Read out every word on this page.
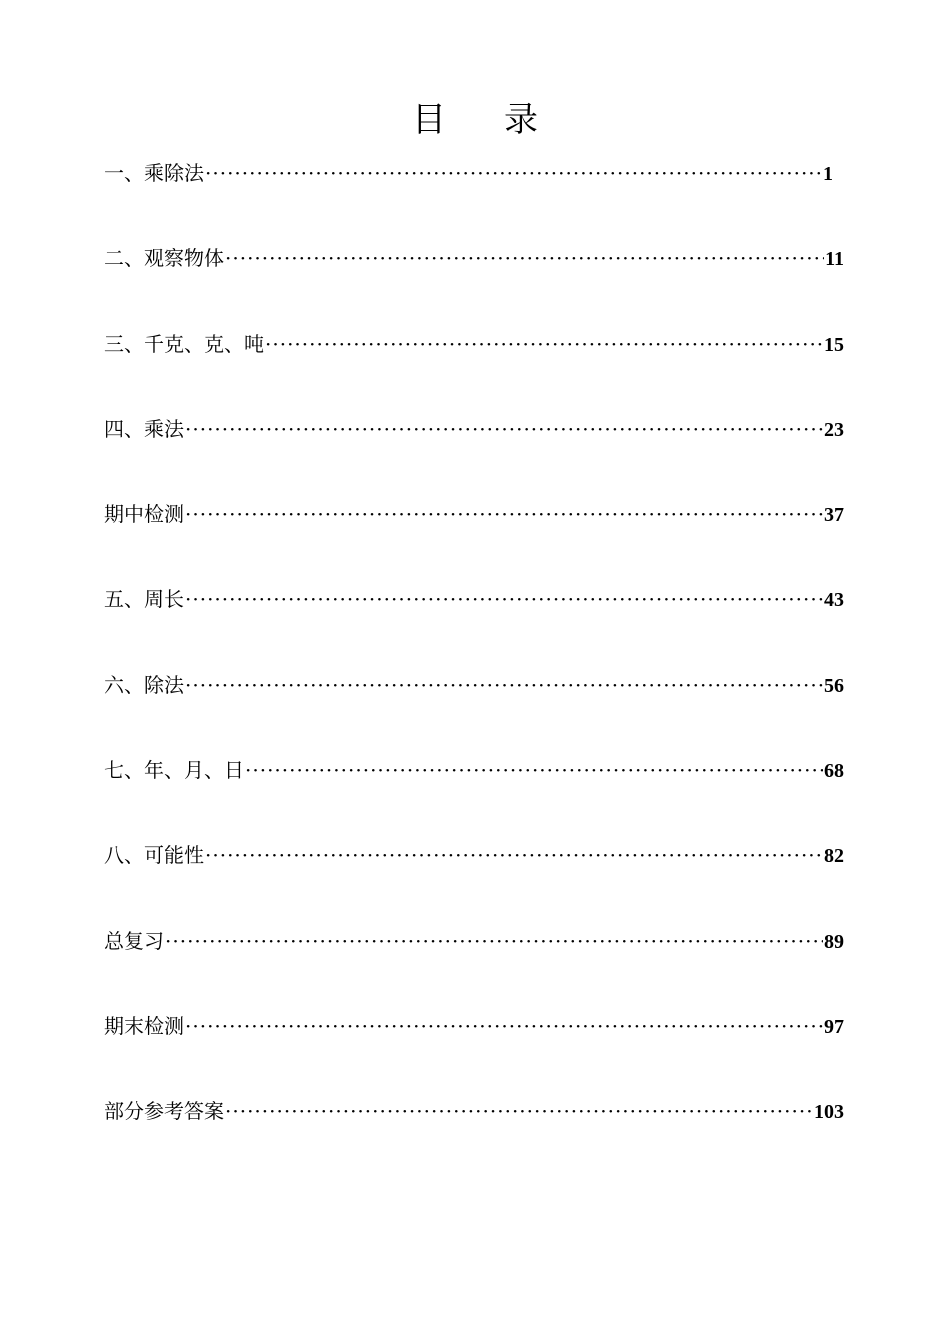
目 录
一、乘除法 ·····	1
二、观察物体 ·····	11
三、千克、克、吨 ·····	15
四、乘法 ·····	23
期中检测 ·····	37
五、周长 ·····	43
六、除法 ·····	56
七、年、月、日 ·····	68
八、可能性 ·····	82
总复习 ·····	89
期末检测 ·····	97
部分参考答案 ·····	103
